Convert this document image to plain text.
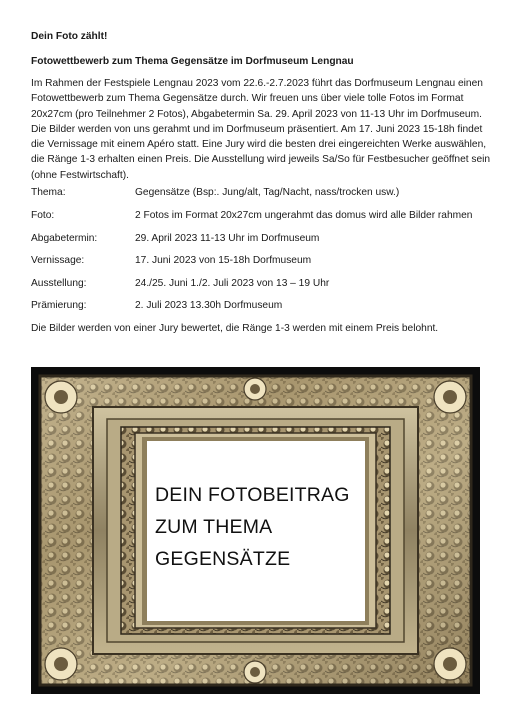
Dein Foto zählt!

Fotowettbewerb zum Thema Gegensätze im Dorfmuseum Lengnau

Im Rahmen der Festspiele Lengnau 2023 vom 22.6.-2.7.2023 führt das Dorfmuseum Lengnau einen Fotowettbewerb zum Thema Gegensätze durch. Wir freuen uns über viele tolle Fotos im Format 20x27cm (pro Teilnehmer 2 Fotos), Abgabetermin Sa. 29. April 2023 von 11-13 Uhr im Dorfmuseum. Die Bilder werden von uns gerahmt und im Dorfmuseum präsentiert. Am 17. Juni 2023 15-18h findet die Vernissage mit einem Apéro statt. Eine Jury wird die besten drei eingereichten Werke auswählen, die Ränge 1-3 erhalten einen Preis. Die Ausstellung wird jeweils Sa/So für Festbesucher geöffnet sein (ohne Festwirtschaft).

Thema:	Gegensätze (Bsp:. Jung/alt, Tag/Nacht, nass/trocken usw.)
Foto:	2 Fotos im Format 20x27cm ungerahmt das domus wird alle Bilder rahmen
Abgabetermin:	29. April 2023 11-13 Uhr im Dorfmuseum
Vernissage:	17. Juni 2023 von 15-18h Dorfmuseum
Ausstellung:	24./25. Juni 1./2. Juli 2023 von 13 – 19 Uhr
Prämierung:	2. Juli 2023 13.30h Dorfmuseum
Die Bilder werden von einer Jury bewertet, die Ränge 1-3 werden mit einem Preis belohnt.
DEIN FOTOBEITRAG
ZUM THEMA
GEGENSÄTZE
